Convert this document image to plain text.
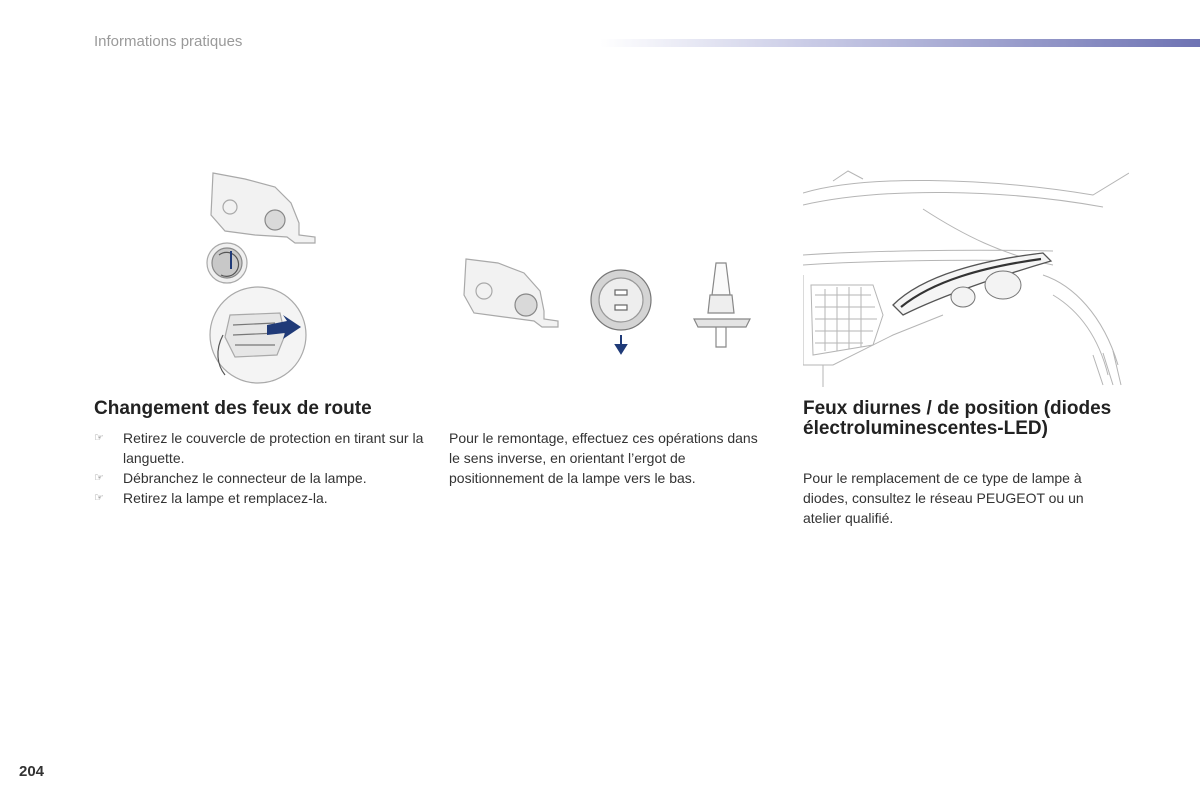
Informations pratiques
Changement des feux de route
☞ Retirez le couvercle de protection en tirant sur la languette.
☞ Débranchez le connecteur de la lampe.
☞ Retirez la lampe et remplacez-la.

Pour le remontage, effectuez ces opérations dans le sens inverse, en orientant l’ergot de positionnement de la lampe vers le bas.

Feux diurnes / de position (diodes électroluminescentes-LED)

Pour le remplacement de ce type de lampe à diodes, consultez le réseau PEUGEOT ou un atelier qualifié.

204
